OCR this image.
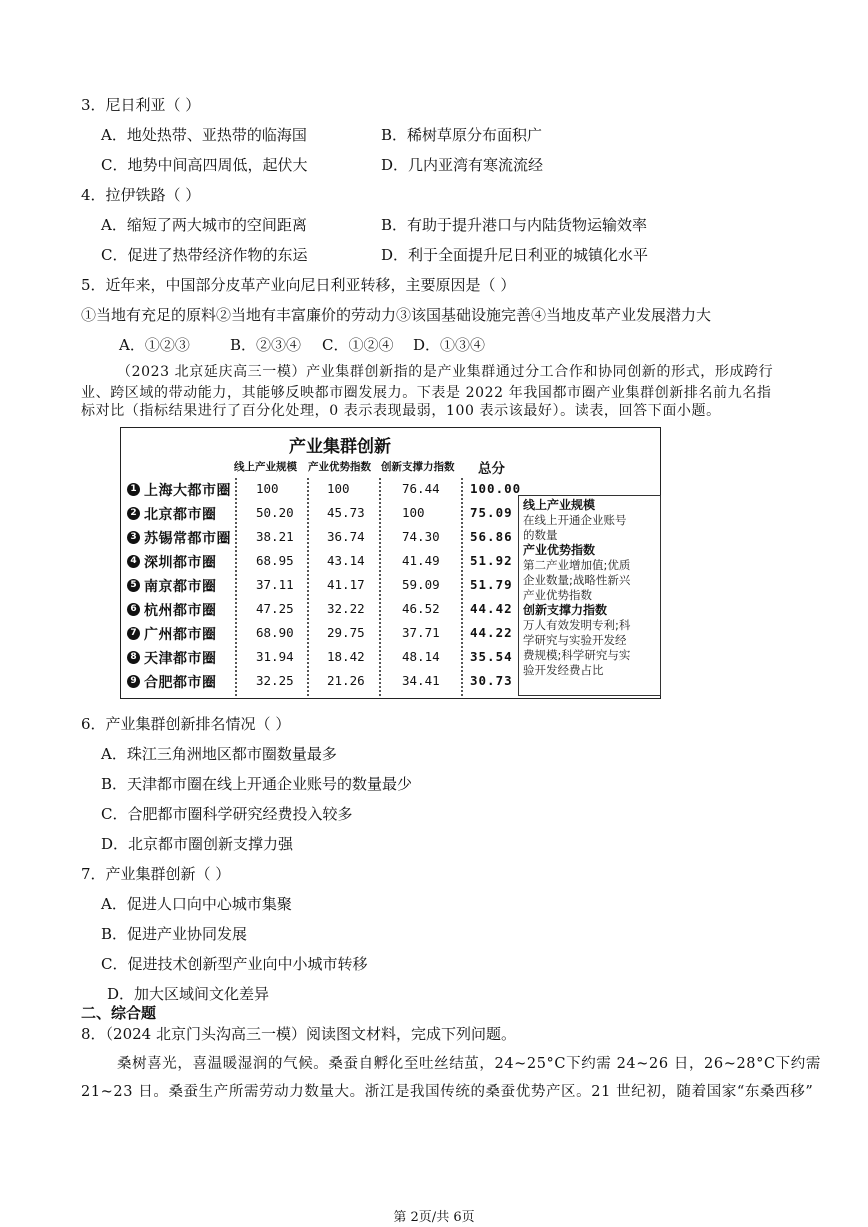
3．尼日利亚（ ）
A．地处热带、亚热带的临海国	B．稀树草原分布面积广
C．地势中间高四周低，起伏大	D．几内亚湾有寒流流经
4．拉伊铁路（ ）
A．缩短了两大城市的空间距离	B．有助于提升港口与内陆货物运输效率
C．促进了热带经济作物的东运	D．利于全面提升尼日利亚的城镇化水平
5．近年来，中国部分皮革产业向尼日利亚转移，主要原因是（ ）
①当地有充足的原料②当地有丰富廉价的劳动力③该国基础设施完善④当地皮革产业发展潜力大
A．①②③	B．②③④ C．①②④ D．①③④
（2023 北京延庆高三一模）产业集群创新指的是产业集群通过分工合作和协同创新的形式，形成跨行
业、跨区域的带动能力，其能够反映都市圈发展力。下表是 2022 年我国都市圈产业集群创新排名前九名指
产业集群创新
线上产业规模 产业优势指数 创新支撑力指数 总分
1 上海大都市圈 100	100	76.44 100.00
2 北京都市圈	50.20	45.73	100	75.09
3 苏锡常都市圈 38.21	36.74	74.30 56.86
4 深圳都市圈	68.95	43.14	41.49 51.92
5 南京都市圈	37.11	41.17	59.09 51.79
6 杭州都市圈	47.25	32.22	46.52 44.42
7 广州都市圈	68.90	29.75	37.71 44.22
8 天津都市圈	31.94	18.42	48.14 35.54
9 合肥都市圈	32.25	21.26	34.41 30.73
线上产业规模
在线上开通企业账号
的数量
产业优势指数
第二产业增加值;优质
企业数量;战略性新兴
产业优势指数
创新支撑力指数
万人有效发明专利;科
学研究与实验开发经
费规模;科学研究与实
验开发经费占比
6．产业集群创新排名情况（ ）
A．珠江三角洲地区都市圈数量最多
B．天津都市圈在线上开通企业账号的数量最少
C．合肥都市圈科学研究经费投入较多
D．北京都市圈创新支撑力强
7．产业集群创新（ ）
A．促进人口向中心城市集聚
B．促进产业协同发展
C．促进技术创新型产业向中小城市转移
D．加大区域间文化差异
二、综合题
8．（2024 北京门头沟高三一模）阅读图文材料，完成下列问题。
桑树喜光，喜温暖湿润的气候。桑蚕自孵化至吐丝结茧，24~25°C下约需 24~26 日，26~28°C下约需
21~23 日。桑蚕生产所需劳动力数量大。浙江是我国传统的桑蚕优势产区。21 世纪初，随着国家“东桑西移”
第 2页/共 6页
标对比（指标结果进行了百分化处理，0 表示表现最弱，100 表示该最好）。读表，回答下面小题。
